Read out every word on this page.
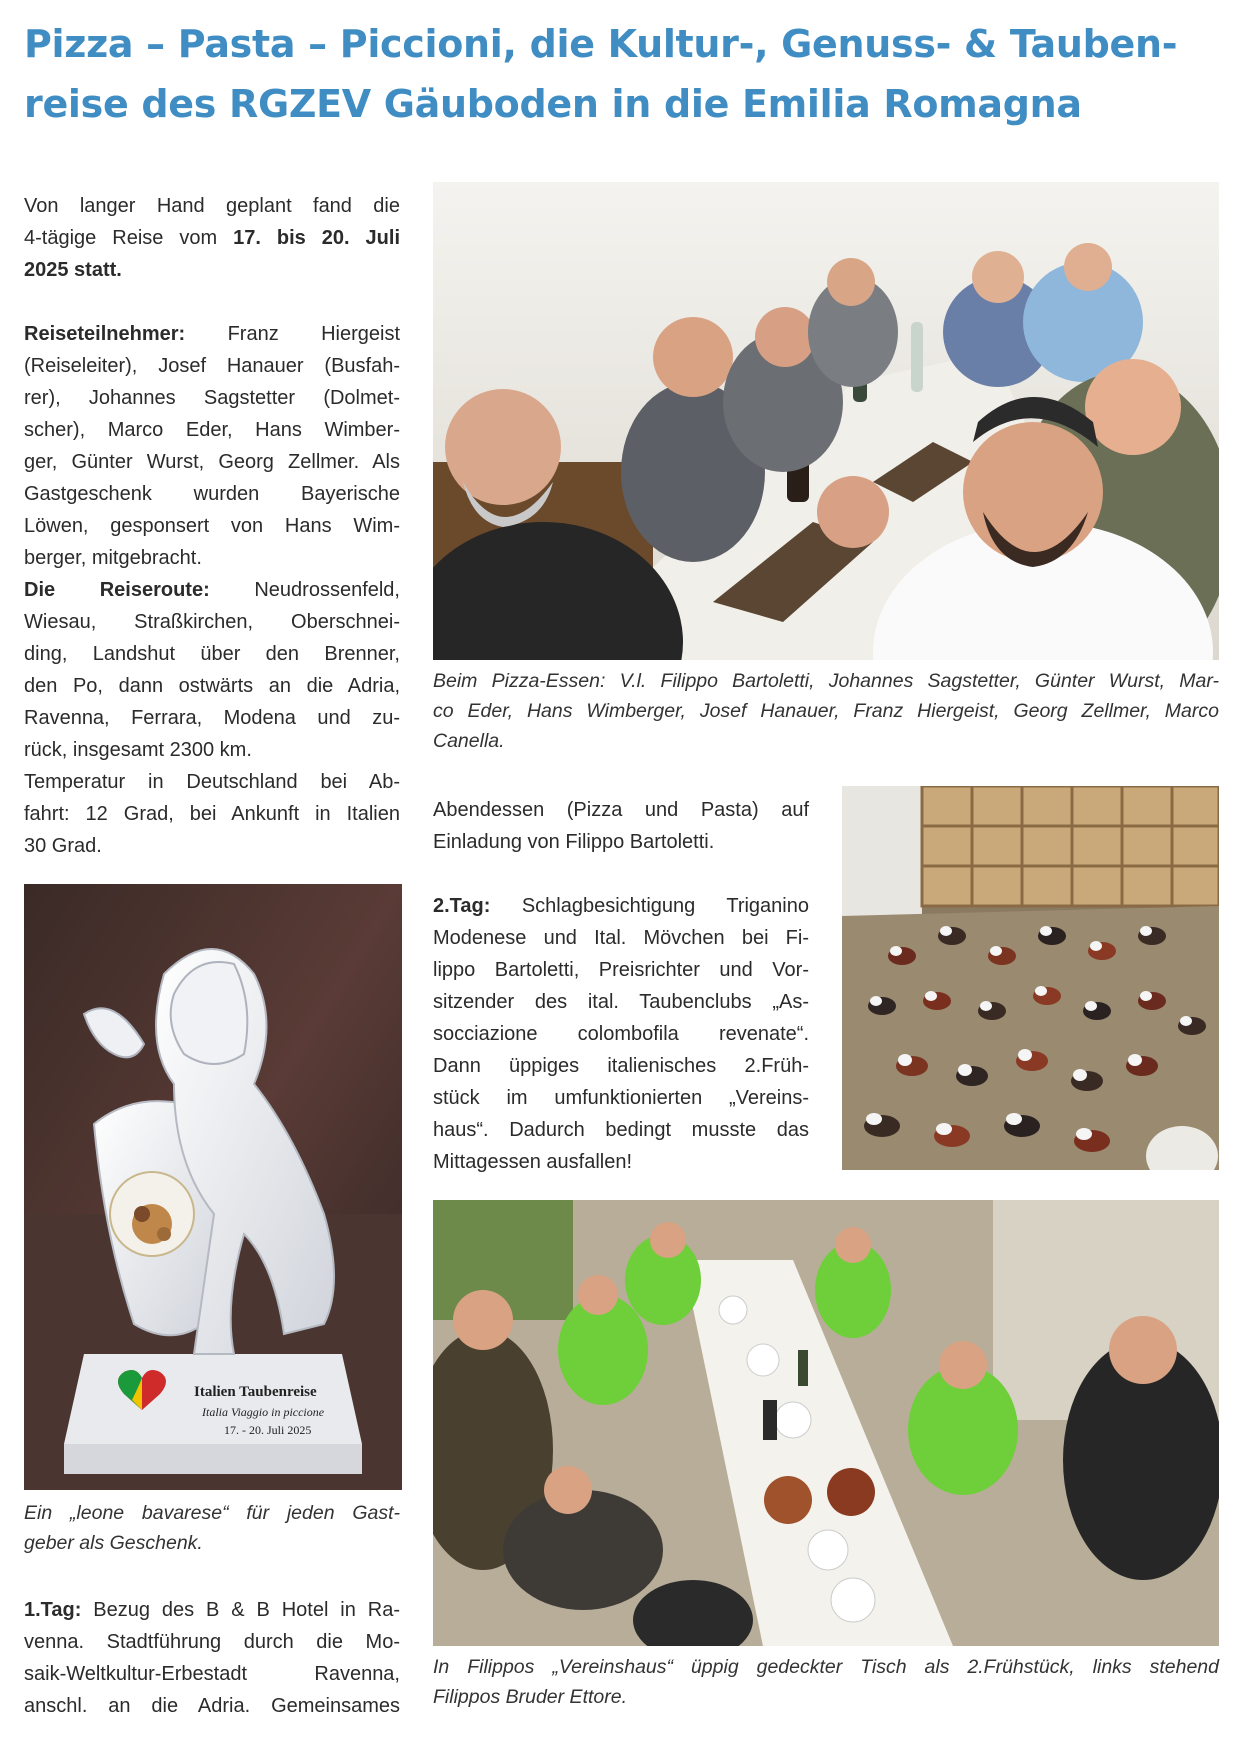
Pizza – Pasta – Piccioni, die Kultur-, Genuss- & Tauben-
reise des RGZEV Gäuboden in die Emilia Romagna

Von langer Hand geplant fand die
4-tägige Reise vom 17. bis 20. Juli
2025 statt.

Reiseteilnehmer: Franz Hiergeist
(Reiseleiter), Josef Hanauer (Busfah-
rer), Johannes Sagstetter (Dolmet-
scher), Marco Eder, Hans Wimber-
ger, Günter Wurst, Georg Zellmer. Als
Gastgeschenk wurden Bayerische
Löwen, gesponsert von Hans Wim-
berger, mitgebracht.

Die Reiseroute: Neudrossenfeld,
Wiesau, Straßkirchen, Oberschnei-
ding, Landshut über den Brenner,
den Po, dann ostwärts an die Adria,
Ravenna, Ferrara, Modena und zu-
rück, insgesamt 2300 km.

Temperatur in Deutschland bei Ab-
fahrt: 12 Grad, bei Ankunft in Italien
30 Grad.

Italien Taubenreise
Italia Viaggio in piccione
17. - 20. Juli 2025
Ein „leone bavarese“ für jeden Gast-
geber als Geschenk.

1.Tag: Bezug des B & B Hotel in Ra-
venna. Stadtführung durch die Mo-
saik-Weltkultur-Erbestadt Ravenna,
anschl. an die Adria. Gemeinsames

Beim Pizza-Essen: V.l. Filippo Bartoletti, Johannes Sagstetter, Günter Wurst, Mar-
co Eder, Hans Wimberger, Josef Hanauer, Franz Hiergeist, Georg Zellmer, Marco
Canella.

Abendessen (Pizza und Pasta) auf
Einladung von Filippo Bartoletti.

2.Tag: Schlagbesichtigung Triganino
Modenese und Ital. Mövchen bei Fi-
lippo Bartoletti, Preisrichter und Vor-
sitzender des ital. Taubenclubs „As-
socciazione colombofila revenate“.
Dann üppiges italienisches 2.Früh-
stück im umfunktionierten „Vereins-
haus“. Dadurch bedingt musste das
Mittagessen ausfallen!

In Filippos „Vereinshaus“ üppig gedeckter Tisch als 2.Frühstück, links stehend
Filippos Bruder Ettore.
